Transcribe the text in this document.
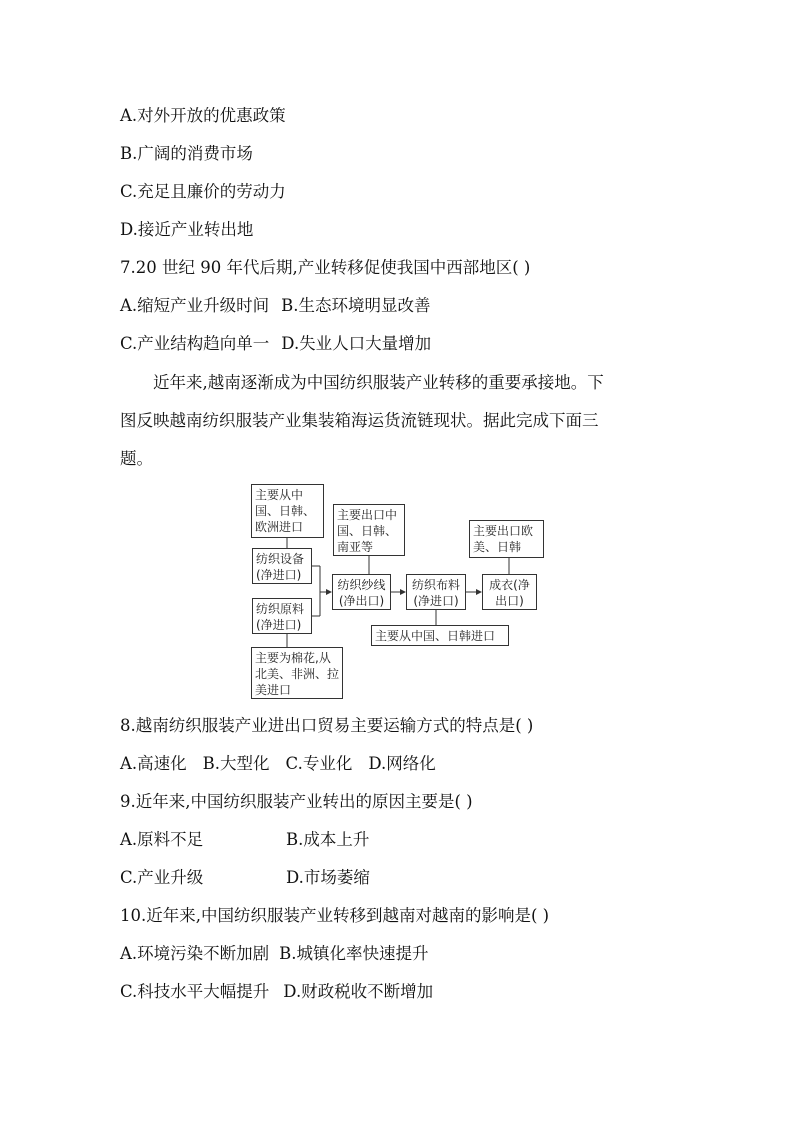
A.对外开放的优惠政策
B.广阔的消费市场
C.充足且廉价的劳动力
D.接近产业转出地
7.20 世纪 90 年代后期,产业转移促使我国中西部地区( )
A.缩短产业升级时间 B.生态环境明显改善
C.产业结构趋向单一 D.失业人口大量增加

近年来,越南逐渐成为中国纺织服装产业转移的重要承接地。下

图反映越南纺织服装产业集装箱海运货流链现状。据此完成下面三
题。
主要从中国、日韩、欧洲进口
纺织设备(净进口)
纺织原料(净进口)
主要为棉花,从北美、非洲、拉美进口
主要出口中国、日韩、南亚等
纺织纱线(净出口)
纺织布料(净进口)
主要从中国、日韩进口
主要出口欧美、日韩
成衣(净出口)
8.越南纺织服装产业进出口贸易主要运输方式的特点是( )
A.高速化 B.大型化 C.专业化 D.网络化
9.近年来,中国纺织服装产业转出的原因主要是( )
A.原料不足	B.成本上升
C.产业升级	D.市场萎缩
10.近年来,中国纺织服装产业转移到越南对越南的影响是( )
A.环境污染不断加剧 B.城镇化率快速提升
C.科技水平大幅提升 D.财政税收不断增加
